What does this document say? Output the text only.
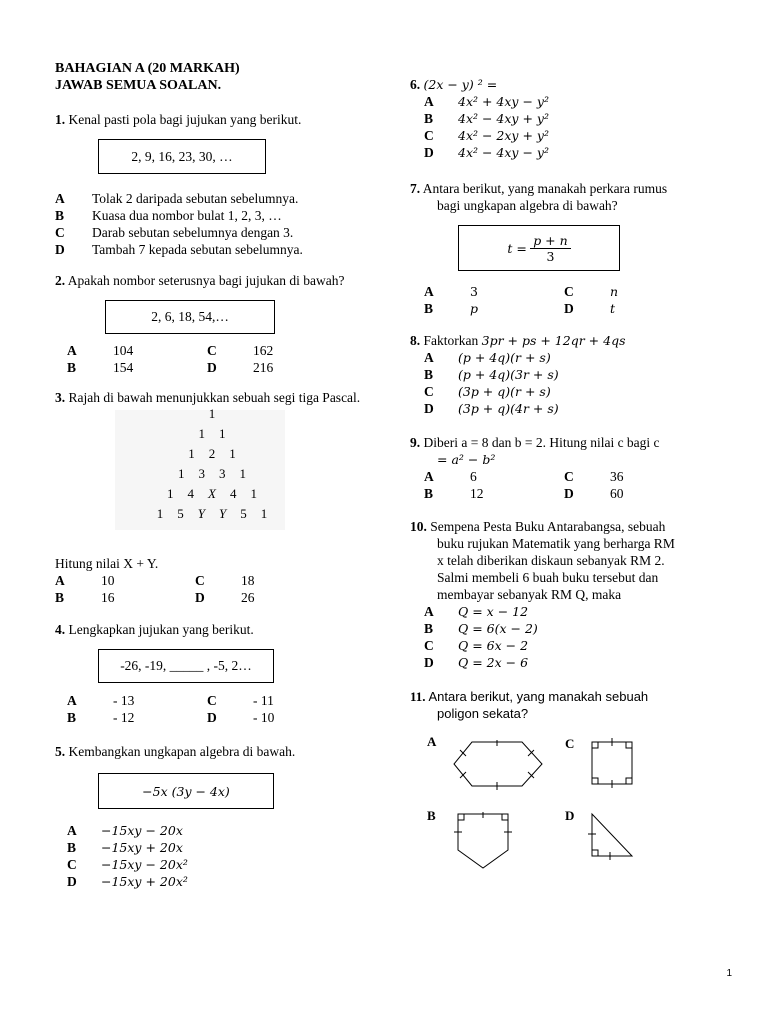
BAHAGIAN A (20 MARKAH)

JAWAB SEMUA SOALAN.

1. Kenal pasti pola bagi jujukan yang berikut.

2, 9, 16, 23, 30, …
A	Tolak 2 daripada sebutan sebelumnya.
B	Kuasa dua nombor bulat 1, 2, 3, …
C	Darab sebutan sebelumnya dengan 3.
D	Tambah 7 kepada sebutan sebelumnya.

2. Apakah nombor seterusnya bagi jujukan di bawah?

2, 6, 18, 54,…
A	104	C	162
B	154	D	216

3. Rajah di bawah menunjukkan sebuah segi tiga Pascal.

1
1 1
1 2 1
1 3 3 1
1 4 X 4 1
1 5 Y Y 5 1

Hitung nilai X + Y.

A	10	C	18
B	16	D	26

4. Lengkapkan jujukan yang berikut.

-26, -19, _____ , -5, 2…
A	- 13	C	- 11
B	- 12	D	- 10

5. Kembangkan ungkapan algebra di bawah.

−5x (3y − 4x)
A	−15xy − 20x
B	−15xy + 20x
C	−15xy − 20x²
D	−15xy + 20x²

6. (2x − y) ² =

A	4x² + 4xy − y²
B	4x² − 4xy + y²
C	4x² − 2xy + y²
D	4x² − 4xy − y²

7. Antara berikut, yang manakah perkara rumus

bagi ungkapan algebra di bawah?

t =
$\frac{p + n}{3}$
A	3	C	n
B	p	D	t

8. Faktorkan 3pr + ps + 12qr + 4qs

A	(p + 4q)(r + s)
B	(p + 4q)(3r + s)
C	(3p + q)(r + s)
D	(3p + q)(4r + s)

9. Diberi a = 8 dan b = 2. Hitung nilai c bagi c

= a² − b²

A	6	C	36
B	12	D	60

10. Sempena Pesta Buku Antarabangsa, sebuah

buku rujukan Matematik yang berharga RM

x telah diberikan diskaun sebanyak RM 2.

Salmi membeli 6 buah buku tersebut dan

membayar sebanyak RM Q, maka

A	Q = x − 12
B	Q = 6(x − 2)
C	Q = 6x − 2
D	Q = 2x − 6

11. Antara berikut, yang manakah sebuah

poligon sekata?

A	C
B	D
1
